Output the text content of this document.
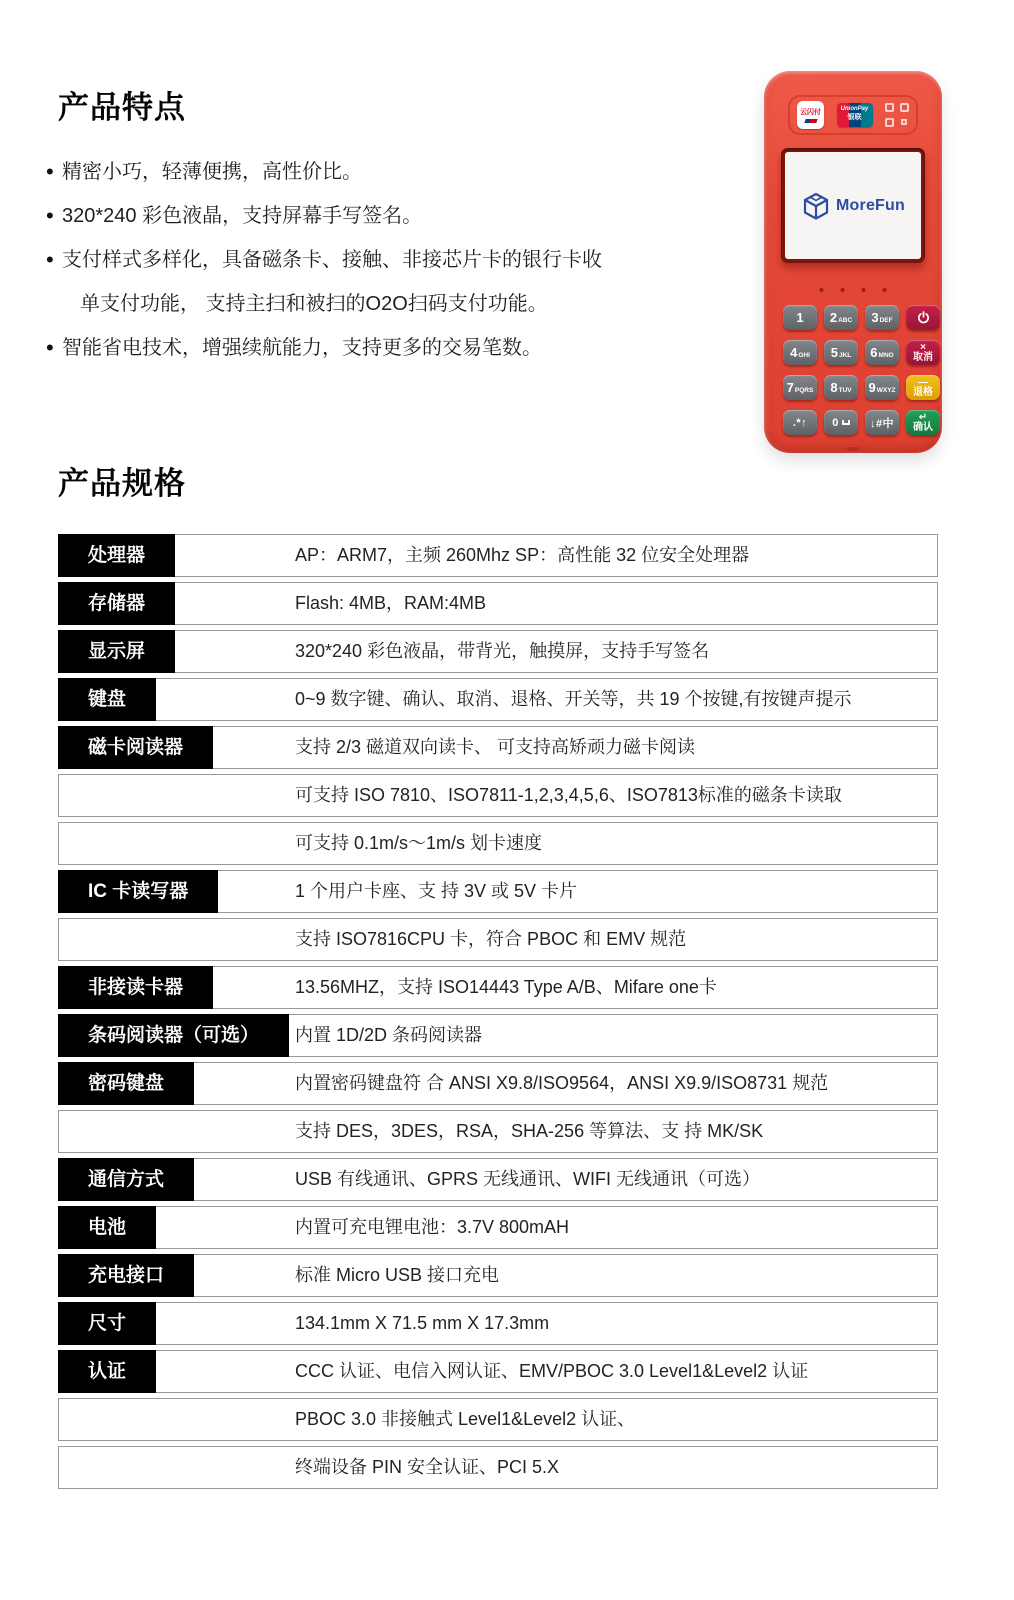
产品特点
• 精密小巧，轻薄便携，高性价比。
• 320*240 彩色液晶，支持屏幕手写签名。
• 支付样式多样化，具备磁条卡、接触、非接芯片卡的银行卡收
单支付功能， 支持主扫和被扫的O2O扫码支付功能。
• 智能省电技术，增强续航能力，支持更多的交易笔数。
云闪付	UnionPay
银联
MoreFun
1 2 ABC 3 DEF
4 GHI 5 JKL 6 MNO
×
取消
7 PQRS 8 TUV 9 WXYZ
—
退格
.*↑ 0	↓#中
↵
确认
产品规格
处理器	AP：ARM7，主频 260Mhz SP：高性能 32 位安全处理器
存储器	Flash: 4MB，RAM:4MB
显示屏	320*240 彩色液晶，带背光，触摸屏，支持手写签名
键盘	0~9 数字键、确认、取消、退格、开关等，共 19 个按键,有按键声提示
磁卡阅读器	支持 2/3 磁道双向读卡、 可支持高矫顽力磁卡阅读
可支持 ISO 7810、ISO7811-1,2,3,4,5,6、ISO7813标准的磁条卡读取
可支持 0.1m/s～1m/s 划卡速度
IC 卡读写器	1 个用户卡座、支 持 3V 或 5V 卡片
支持 ISO7816CPU 卡，符合 PBOC 和 EMV 规范
非接读卡器	13.56MHZ，支持 ISO14443 Type A/B、Mifare one卡
条码阅读器（可选）	内置 1D/2D 条码阅读器
密码键盘	内置密码键盘符 合 ANSI X9.8/ISO9564，ANSI X9.9/ISO8731 规范
支持 DES，3DES，RSA，SHA-256 等算法、支 持 MK/SK
通信方式	USB 有线通讯、GPRS 无线通讯、WIFI 无线通讯（可选）
电池	内置可充电锂电池：3.7V 800mAH
充电接口	标准 Micro USB 接口充电
尺寸	134.1mm X 71.5 mm X 17.3mm
认证	CCC 认证、电信入网认证、EMV/PBOC 3.0 Level1&Level2 认证
PBOC 3.0 非接触式 Level1&Level2 认证、
终端设备 PIN 安全认证、PCI 5.X
